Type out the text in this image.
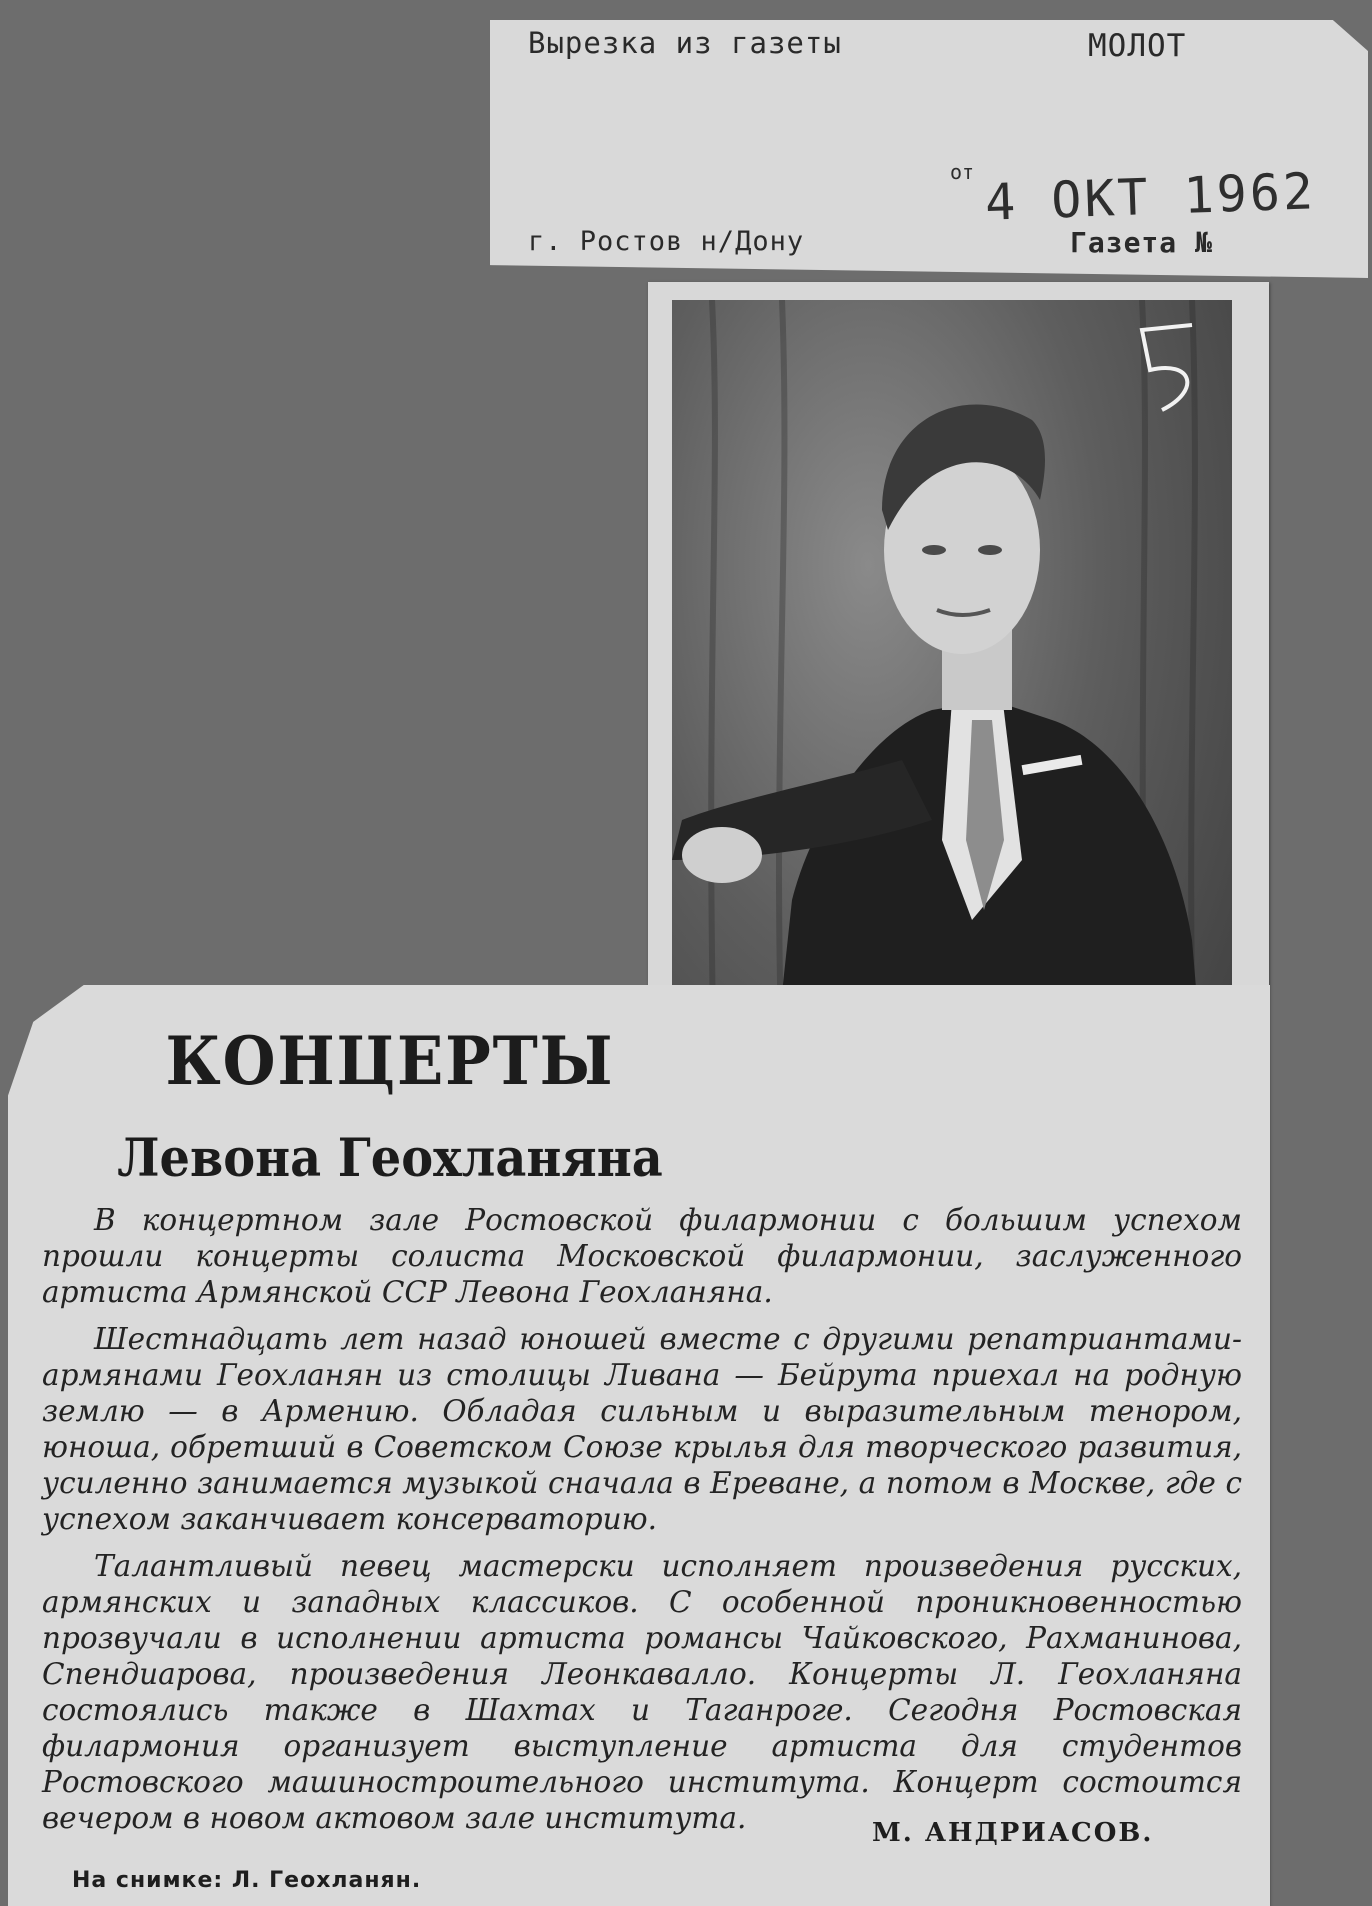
Вырезка из газеты	МОЛОТ
от 4 ОКТ 1962
г. Ростов н/Дону	Газета №
КОНЦЕРТЫ
Левона Геохланяна

В концертном зале Ростовской филармонии с большим успехом прошли концерты солиста Московской филармонии, заслуженного артиста Армянской ССР Левона Геохланяна.

Шестнадцать лет назад юношей вместе с другими репатриантами-армянами Геохланян из столицы Ливана — Бейрута приехал на родную землю — в Армению. Обладая сильным и выразительным тенором, юноша, обретший в Советском Союзе крылья для творческого развития, усиленно занимается музыкой сначала в Ереване, а потом в Москве, где с успехом заканчивает консерваторию.

Талантливый певец мастерски исполняет произведения русских, армянских и западных классиков. С особенной проникновенностью прозвучали в исполнении артиста романсы Чайковского, Рахманинова, Спендиарова, произведения Леонкавалло. Концерты Л. Геохланяна состоялись также в Шахтах и Таганроге. Сегодня Ростовская филармония организует выступление артиста для студентов Ростовского машиностроительного института. Концерт состоится вечером в новом актовом зале института.	М. АНДРИАСОВ.
На снимке: Л. Геохланян.
